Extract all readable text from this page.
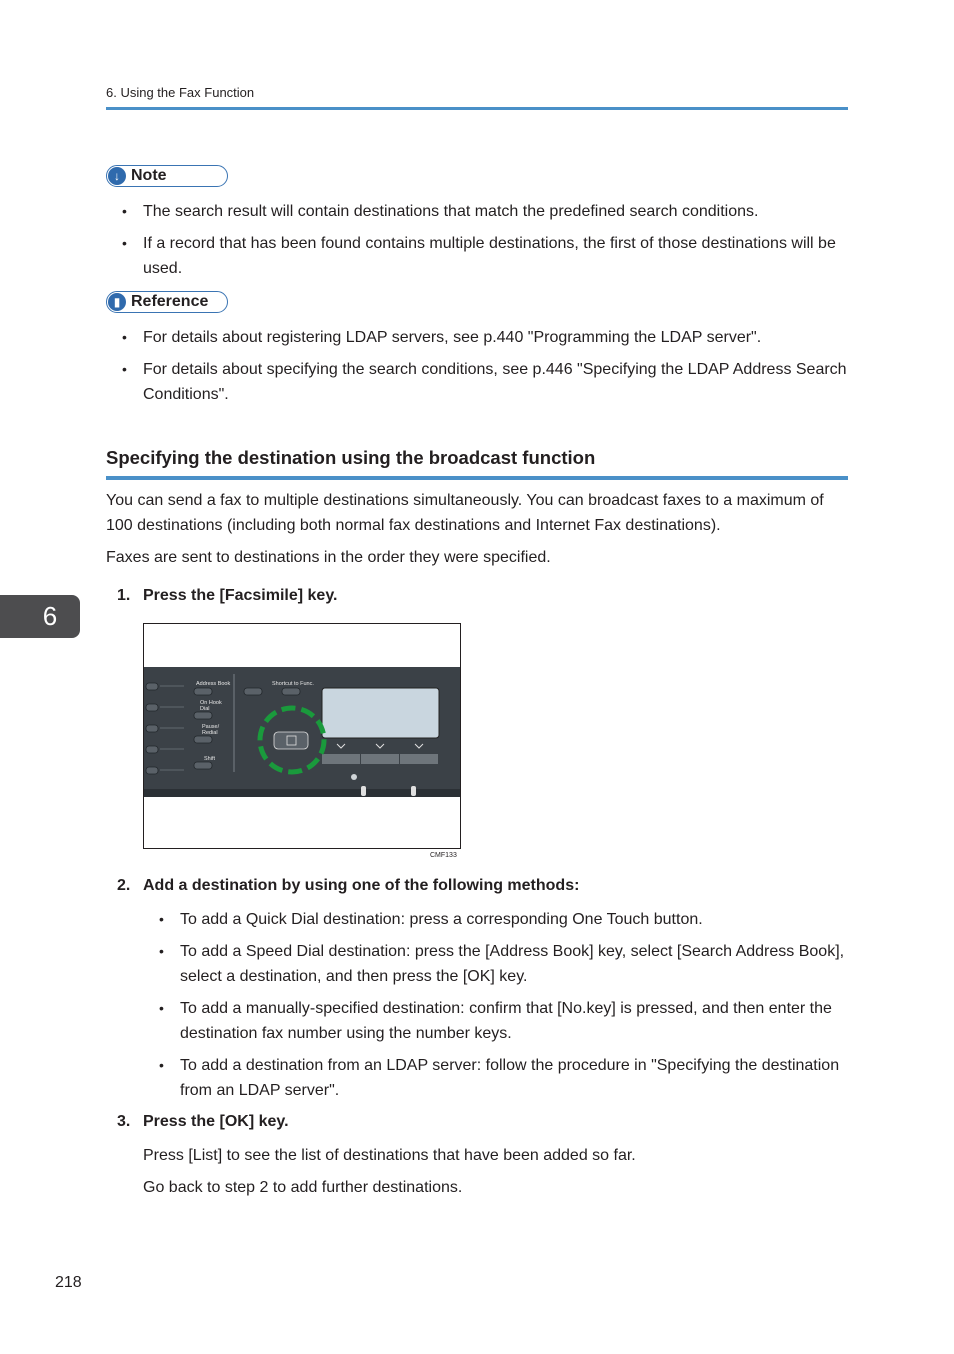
6. Using the Fax Function
↓ Note
• The search result will contain destinations that match the predefined search conditions.
• If a record that has been found contains multiple destinations, the first of those destinations will be used.
▮ Reference
• For details about registering LDAP servers, see p.440 "Programming the LDAP server".
• For details about specifying the search conditions, see p.446 "Specifying the LDAP Address Search Conditions".
Specifying the destination using the broadcast function
You can send a fax to multiple destinations simultaneously. You can broadcast faxes to a maximum of 100 destinations (including both normal fax destinations and Internet Fax destinations).
Faxes are sent to destinations in the order they were specified.
6
1. Press the [Facsimile] key.
Address Book	Shortcut to Func.
On Hook
Dial
Pause/
Redial
Shift
CMF133
2. Add a destination by using one of the following methods:
• To add a Quick Dial destination: press a corresponding One Touch button.
• To add a Speed Dial destination: press the [Address Book] key, select [Search Address Book], select a destination, and then press the [OK] key.
• To add a manually-specified destination: confirm that [No.key] is pressed, and then enter the destination fax number using the number keys.
• To add a destination from an LDAP server: follow the procedure in "Specifying the destination from an LDAP server".
3. Press the [OK] key.
Press [List] to see the list of destinations that have been added so far.
Go back to step 2 to add further destinations.
218
